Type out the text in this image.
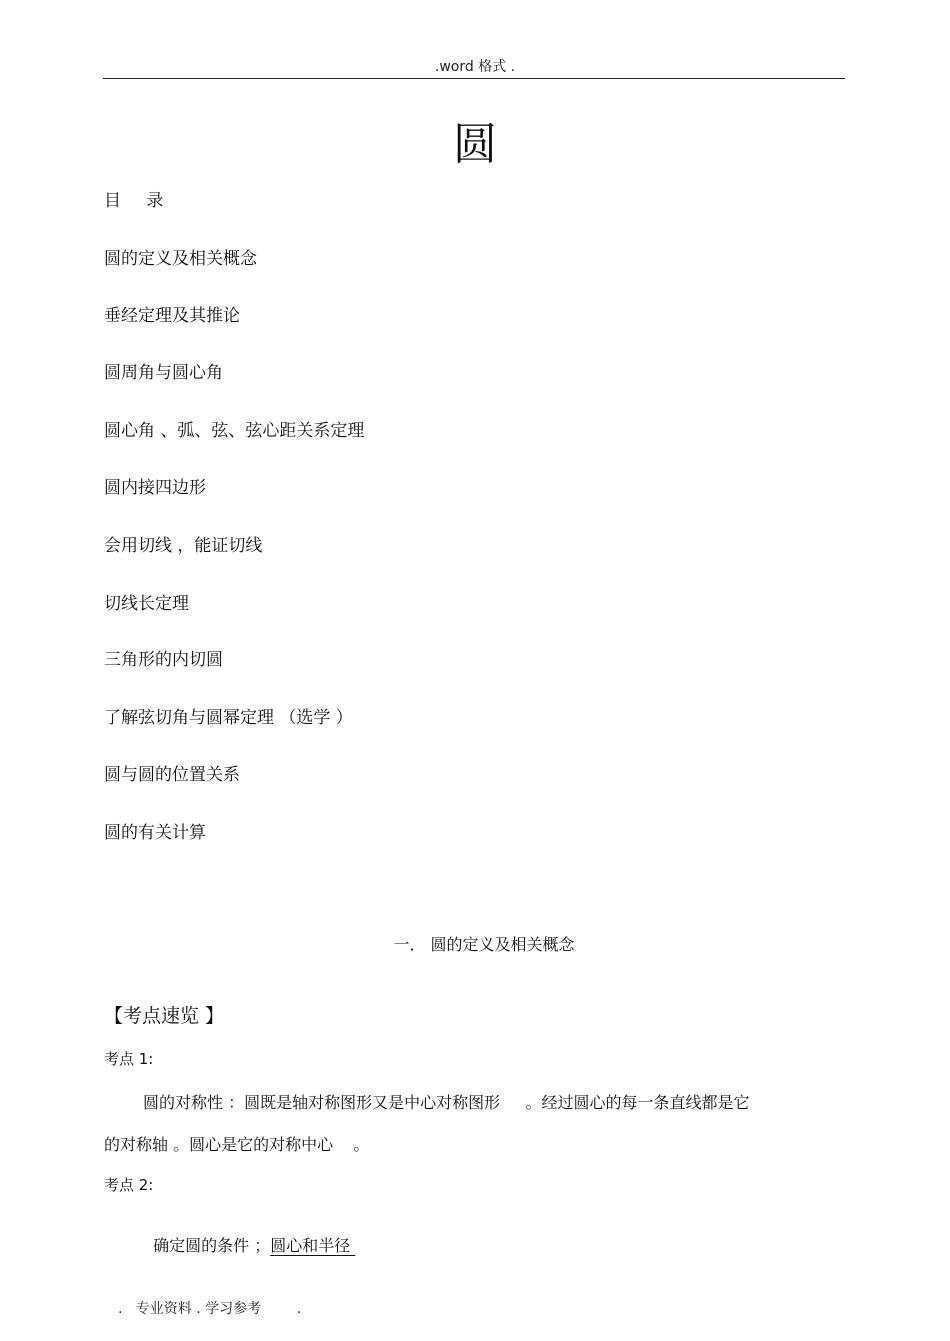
.word 格式 .
圆
目 录
圆的定义及相关概念
垂经定理及其推论
圆周角与圆心角
圆心角 、弧、弦、弦心距关系定理
圆内接四边形
会用切线 ，能证切线
切线长定理
三角形的内切圆
了解弦切角与圆幂定理 （选学 ）
圆与圆的位置关系
圆的有关计算
一． 圆的定义及相关概念
【考点速览 】
考点 1:
圆的对称性 ：圆既是轴对称图形又是中心对称图形     。经过圆心的每一条直线都是它
的对称轴 。圆心是它的对称中心    。
考点 2:

确定圆的条件 ；圆心和半径

.   专业资料 . 学习参考        .
